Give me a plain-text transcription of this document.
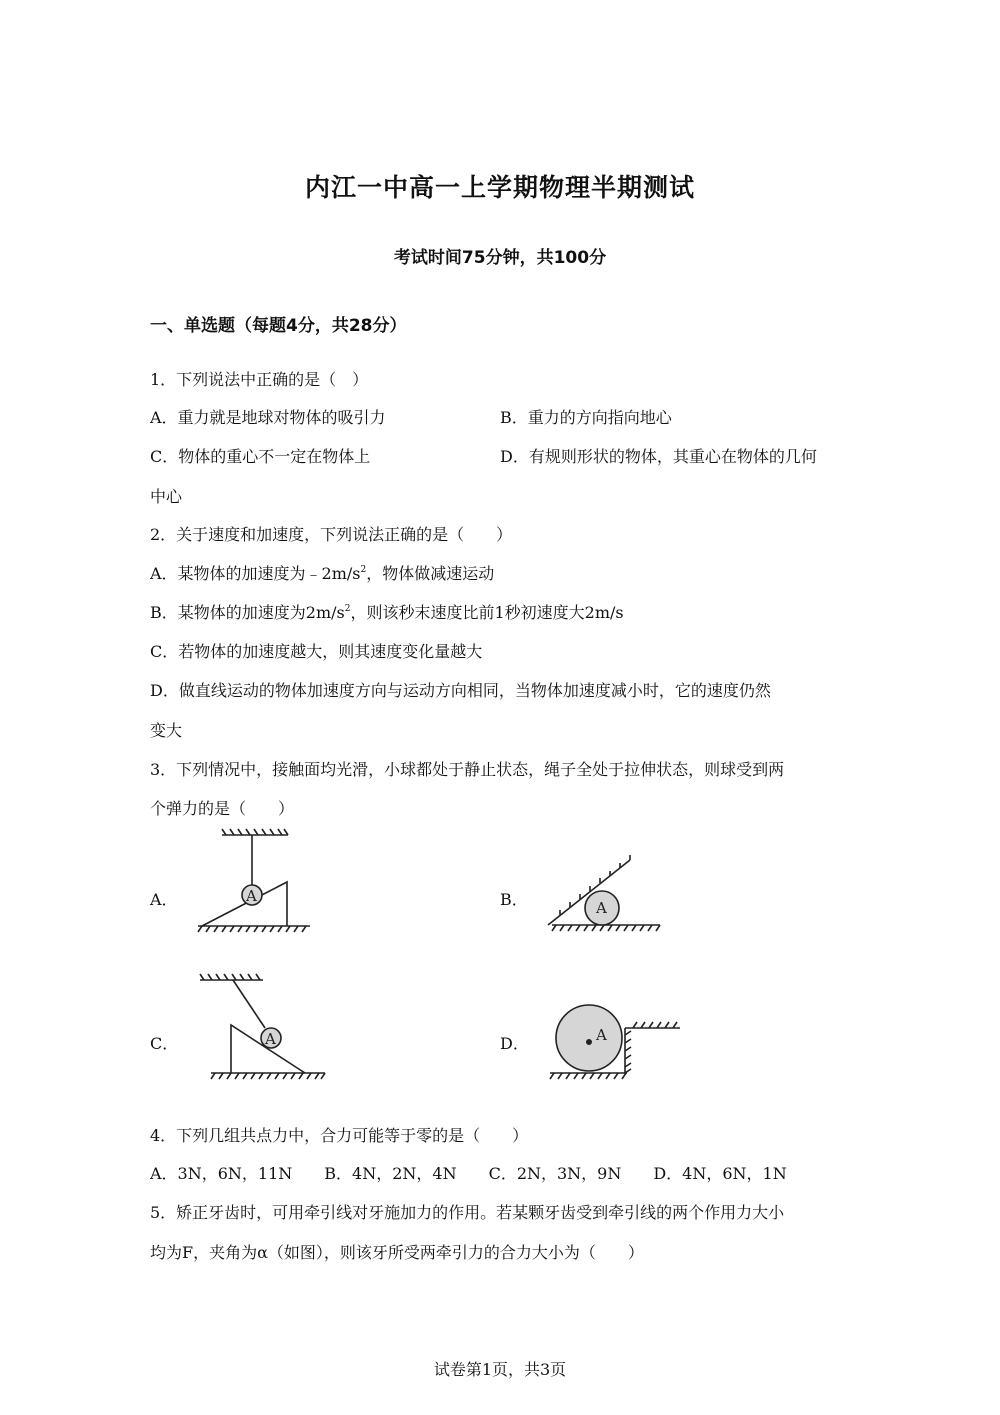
内江一中高一上学期物理半期测试
考试时间75分钟，共100分
一、单选题（每题4分，共28分）
1．下列说法中正确的是（　）
A．重力就是地球对物体的吸引力	B．重力的方向指向地心
C．物体的重心不一定在物体上	D．有规则形状的物体，其重心在物体的几何
中心
2．关于速度和加速度，下列说法正确的是（　　）
A．某物体的加速度为$﹣2m/s^2$，物体做减速运动
B．某物体的加速度为$2m/s^2$，则该秒末速度比前1秒初速度大2m/s
C．若物体的加速度越大，则其速度变化量越大
D．做直线运动的物体加速度方向与运动方向相同，当物体加速度减小时，它的速度仍然
变大
3．下列情况中，接触面均光滑，小球都处于静止状态，绳子全处于拉伸状态，则球受到两
个弹力的是（　　）
A．	B．
C．	D．
A
A
A	A
4．下列几组共点力中，合力可能等于零的是（　　）
A．3N，6N，11N　　B．4N，2N，4N　　C．2N，3N，9N　　D．4N，6N，1N
5．矫正牙齿时，可用牵引线对牙施加力的作用。若某颗牙齿受到牵引线的两个作用力大小
均为F，夹角为α（如图），则该牙所受两牵引力的合力大小为（　　）
试卷第1页，共3页
